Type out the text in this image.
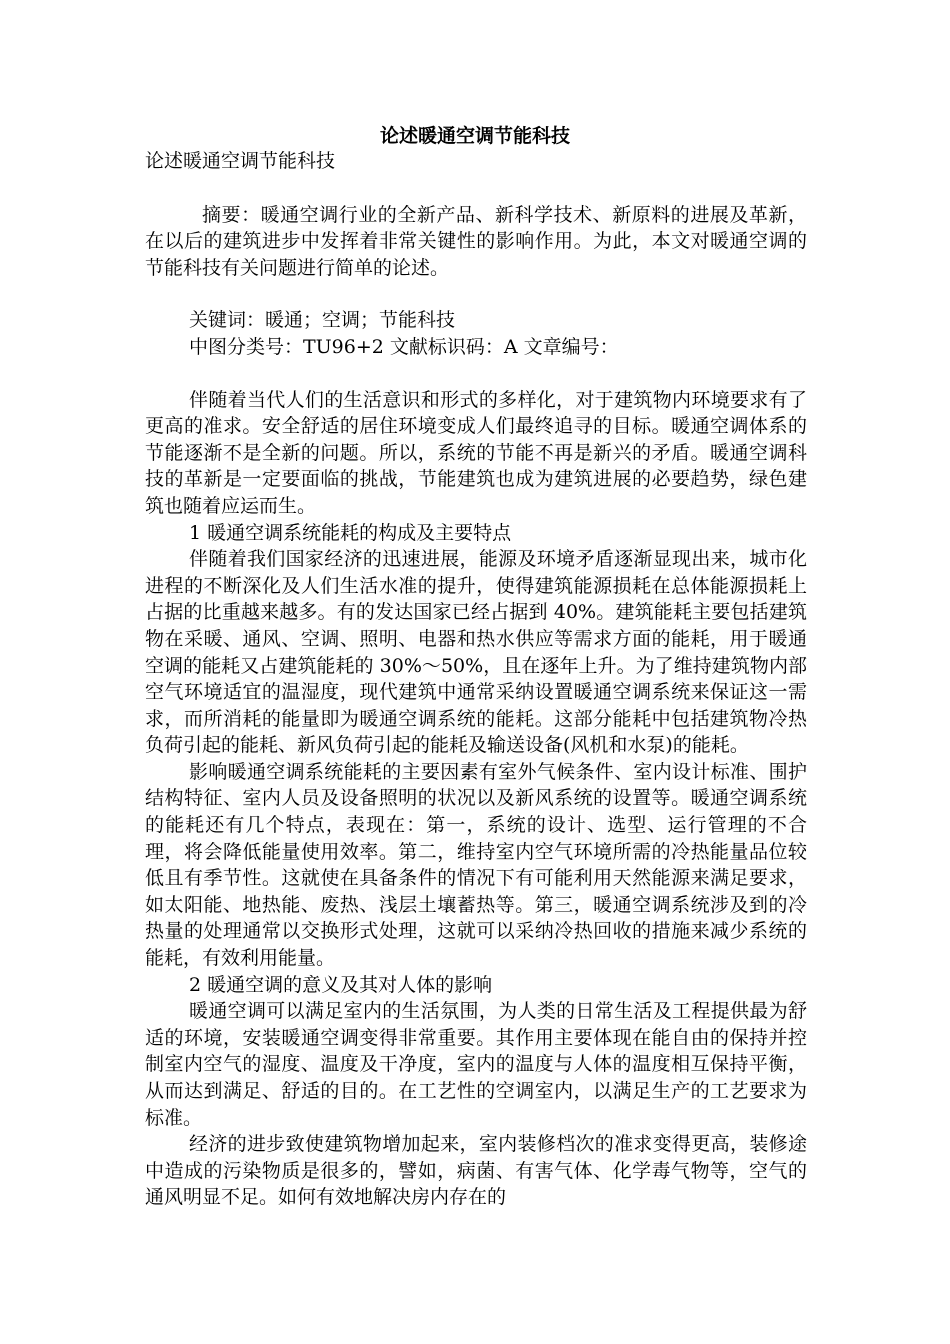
论述暖通空调节能科技

论述暖通空调节能科技

摘要：暖通空调行业的全新产品、新科学技术、新原料的进展及革新，在以后的建筑进步中发挥着非常关键性的影响作用。为此，本文对暖通空调的节能科技有关问题进行简单的论述。

关键词：暖通；空调；节能科技

中图分类号：TU96+2 文献标识码：A 文章编号：

伴随着当代人们的生活意识和形式的多样化，对于建筑物内环境要求有了更高的准求。安全舒适的居住环境变成人们最终追寻的目标。暖通空调体系的节能逐渐不是全新的问题。所以，系统的节能不再是新兴的矛盾。暖通空调科技的革新是一定要面临的挑战，节能建筑也成为建筑进展的必要趋势，绿色建筑也随着应运而生。

1 暖通空调系统能耗的构成及主要特点

伴随着我们国家经济的迅速进展，能源及环境矛盾逐渐显现出来，城市化进程的不断深化及人们生活水准的提升，使得建筑能源损耗在总体能源损耗上占据的比重越来越多。有的发达国家已经占据到 40%。建筑能耗主要包括建筑物在采暖、通风、空调、照明、电器和热水供应等需求方面的能耗，用于暖通空调的能耗又占建筑能耗的 30%～50%，且在逐年上升。为了维持建筑物内部空气环境适宜的温湿度，现代建筑中通常采纳设置暖通空调系统来保证这一需求，而所消耗的能量即为暖通空调系统的能耗。这部分能耗中包括建筑物冷热负荷引起的能耗、新风负荷引起的能耗及输送设备(风机和水泵)的能耗。

影响暖通空调系统能耗的主要因素有室外气候条件、室内设计标准、围护结构特征、室内人员及设备照明的状况以及新风系统的设置等。暖通空调系统的能耗还有几个特点，表现在：第一，系统的设计、选型、运行管理的不合理，将会降低能量使用效率。第二，维持室内空气环境所需的冷热能量品位较低且有季节性。这就使在具备条件的情况下有可能利用天然能源来满足要求，如太阳能、地热能、废热、浅层土壤蓄热等。第三，暖通空调系统涉及到的冷热量的处理通常以交换形式处理，这就可以采纳冷热回收的措施来减少系统的能耗，有效利用能量。

2 暖通空调的意义及其对人体的影响

暖通空调可以满足室内的生活氛围，为人类的日常生活及工程提供最为舒适的环境，安装暖通空调变得非常重要。其作用主要体现在能自由的保持并控制室内空气的湿度、温度及干净度，室内的温度与人体的温度相互保持平衡，从而达到满足、舒适的目的。在工艺性的空调室内，以满足生产的工艺要求为标准。

经济的进步致使建筑物增加起来，室内装修档次的准求变得更高，装修途中造成的污染物质是很多的，譬如，病菌、有害气体、化学毒气物等，空气的通风明显不足。如何有效地解决房内存在的
